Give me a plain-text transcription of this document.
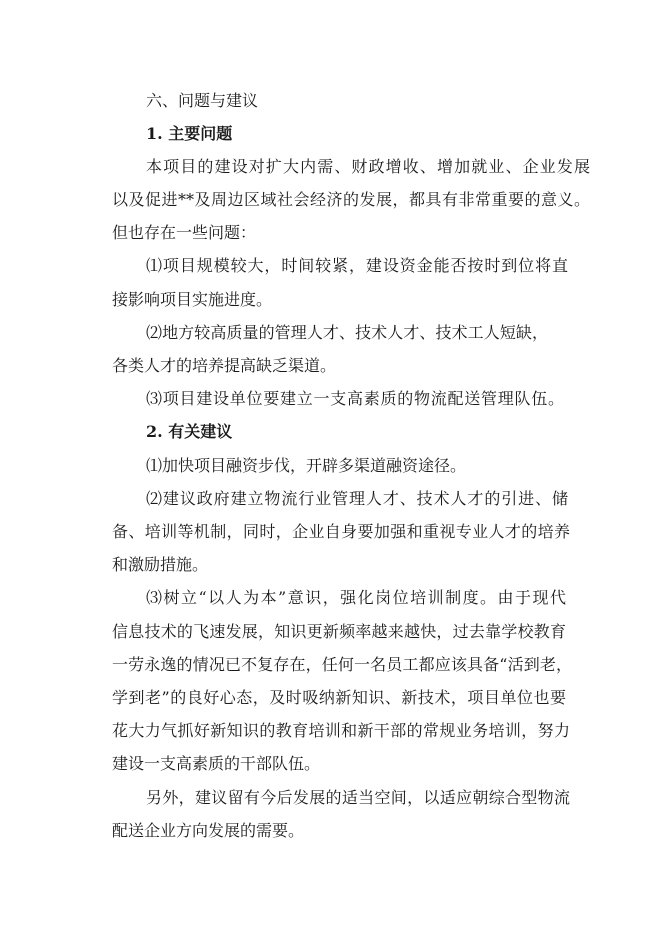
六、问题与建议

1. 主要问题

本项目的建设对扩大内需、财政增收、增加就业、企业发展

以及促进**及周边区域社会经济的发展，都具有非常重要的意义。

但也存在一些问题：

⑴项目规模较大，时间较紧，建设资金能否按时到位将直

接影响项目实施进度。

⑵地方较高质量的管理人才、技术人才、技术工人短缺，

各类人才的培养提高缺乏渠道。

⑶项目建设单位要建立一支高素质的物流配送管理队伍。

2. 有关建议

⑴加快项目融资步伐，开辟多渠道融资途径。

⑵建议政府建立物流行业管理人才、技术人才的引进、储

备、培训等机制，同时，企业自身要加强和重视专业人才的培养

和激励措施。

⑶树立“以人为本”意识，强化岗位培训制度。由于现代

信息技术的飞速发展，知识更新频率越来越快，过去靠学校教育

一劳永逸的情况已不复存在，任何一名员工都应该具备“活到老，

学到老”的良好心态，及时吸纳新知识、新技术，项目单位也要

花大力气抓好新知识的教育培训和新干部的常规业务培训，努力

建设一支高素质的干部队伍。

另外，建议留有今后发展的适当空间，以适应朝综合型物流

配送企业方向发展的需要。
